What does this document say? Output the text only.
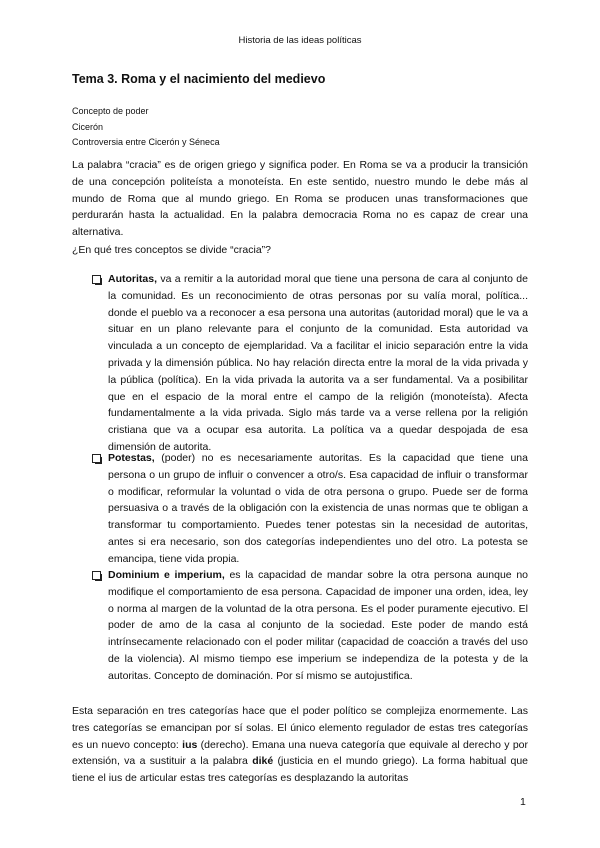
Historia de las ideas políticas
Tema 3. Roma y el nacimiento del medievo
Concepto de poder
Cicerón
Controversia entre Cicerón y Séneca
La palabra “cracia” es de origen griego y significa poder. En Roma se va a producir la transición de una concepción politeísta a monoteísta. En este sentido, nuestro mundo le debe más al mundo de Roma que al mundo griego. En Roma se producen unas transformaciones que perdurarán hasta la actualidad. En la palabra democracia Roma no es capaz de crear una alternativa.
¿En qué tres conceptos se divide “cracia”?
Autoritas, va a remitir a la autoridad moral que tiene una persona de cara al conjunto de la comunidad. Es un reconocimiento de otras personas por su valía moral, política... donde el pueblo va a reconocer a esa persona una autoritas (autoridad moral) que le va a situar en un plano relevante para el conjunto de la comunidad. Esta autoridad va vinculada a un concepto de ejemplaridad. Va a facilitar el inicio separación entre la vida privada y la dimensión pública. No hay relación directa entre la moral de la vida privada y la pública (política). En la vida privada la autorita va a ser fundamental. Va a posibilitar que en el espacio de la moral entre el campo de la religión (monoteísta). Afecta fundamentalmente a la vida privada. Siglo más tarde va a verse rellena por la religión cristiana que va a ocupar esa autorita. La política va a quedar despojada de esa dimensión de autorita.
Potestas, (poder) no es necesariamente autoritas. Es la capacidad que tiene una persona o un grupo de influir o convencer a otro/s. Esa capacidad de influir o transformar o modificar, reformular la voluntad o vida de otra persona o grupo. Puede ser de forma persuasiva o a través de la obligación con la existencia de unas normas que te obligan a transformar tu comportamiento. Puedes tener potestas sin la necesidad de autoritas, antes si era necesario, son dos categorías independientes uno del otro. La potesta se emancipa, tiene vida propia.
Dominium e imperium, es la capacidad de mandar sobre la otra persona aunque no modifique el comportamiento de esa persona. Capacidad de imponer una orden, idea, ley o norma al margen de la voluntad de la otra persona. Es el poder puramente ejecutivo. El poder de amo de la casa al conjunto de la sociedad. Este poder de mando está intrínsecamente relacionado con el poder militar (capacidad de coacción a través del uso de la violencia). Al mismo tiempo ese imperium se independiza de la potesta y de la autoritas. Concepto de dominación. Por sí mismo se autojustifica.
Esta separación en tres categorías hace que el poder político se complejiza enormemente. Las tres categorías se emancipan por sí solas. El único elemento regulador de estas tres categorías es un nuevo concepto: ius (derecho). Emana una nueva categoría que equivale al derecho y por extensión, va a sustituir a la palabra diké (justicia en el mundo griego). La forma habitual que tiene el ius de articular estas tres categorías es desplazando la autoritas
1
